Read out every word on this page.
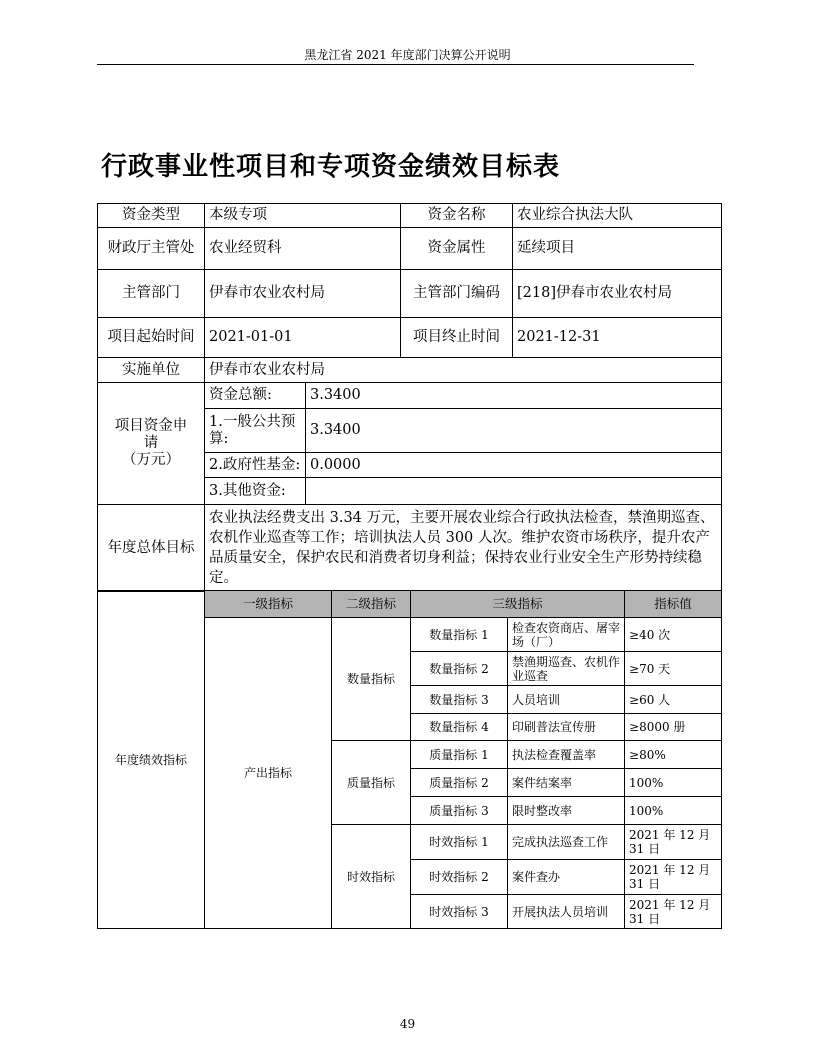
黑龙江省 2021 年度部门决算公开说明
行政事业性项目和专项资金绩效目标表
资金类型	本级专项		资金名称	农业综合执法大队
财政厅主管处	农业经贸科		资金属性	延续项目
主管部门	伊春市农业农村局		主管部门编码	[218]伊春市农业农村局
项目起始时间	2021-01-01		项目终止时间	2021-12-31
实施单位	伊春市农业农村局			

项目资金申请
（万元）	资金总额:	3.3400		
	1.一般公共预算:	3.3400		
	2.政府性基金:	0.0000		
	3.其他资金:			
年度总体目标	农业执法经费支出 3.34 万元，主要开展农业综合行政执法检查，禁渔期巡查、农机作业巡查等工作；培训执法人员 300 人次。维护农资市场秩序，提升农产品质量安全，保护农民和消费者切身利益；保持农业行业安全生产形势持续稳定。			
年度绩效指标	一级指标	二级指标	三级指标		指标值
	产出指标	数量指标	数量指标 1	检查农资商店、屠宰场（厂）	≥40 次
			数量指标 2	禁渔期巡查、农机作业巡查	≥70 天
			数量指标 3	人员培训	≥60 人
			数量指标 4	印刷普法宣传册	≥8000 册
		质量指标	质量指标 1	执法检查覆盖率	≥80%
			质量指标 2	案件结案率	100%
			质量指标 3	限时整改率	100%
		时效指标	时效指标 1	完成执法巡查工作	2021 年 12 月 31 日
			时效指标 2	案件查办	2021 年 12 月 31 日
			时效指标 3	开展执法人员培训	2021 年 12 月 31 日
49
